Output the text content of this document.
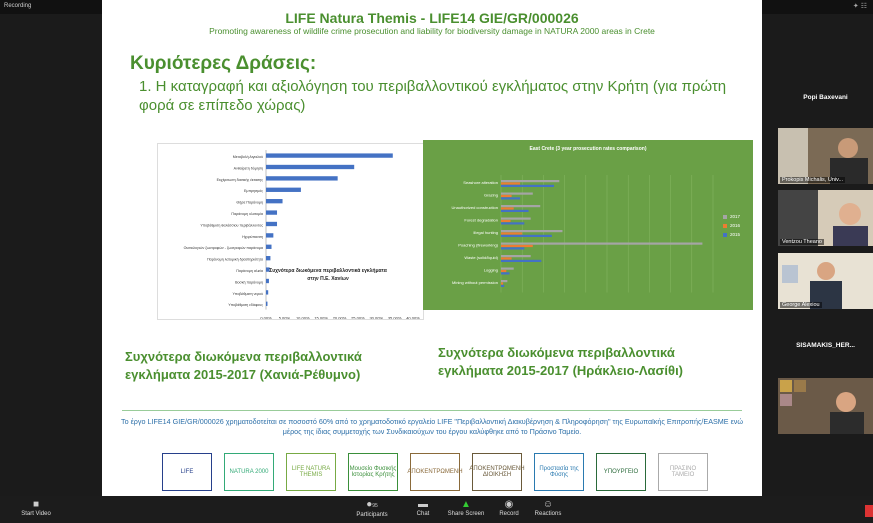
Recording	✦ ☷
LIFE Natura Themis - LIFE14 GIE/GR/000026
Promoting awareness of wildlife crime prosecution and liability for biodiversity damage in NATURA 2000 areas in Crete
Κυριότερες Δράσεις:
1. Η καταγραφή και αξιολόγηση του περιβαλλοντικού εγκλήματος στην Κρήτη (για πρώτη φορά σε επίπεδο χώρας)
Μεταβολή Αιγιαλού
Ανθαίρετη δόμηση
Εκχέρσωση δασικής έκτασης
Εμπρησμός
Θήρα Παράνομη
Παράνομη υλοτομία
Υποβάθμιση θαλάσσιου περιβάλλοντος
Ηχορύπανση
Ουσιολογιών ζωοτροφών - ζωοτροφών παράνομα
Παράνομη λατομική δραστηριότητα
Παράνομη αλιεία
Βοσκή παράνομη
Υποβάθμιση νερού
Υποβάθμιση εδάφους
0,00% 5,00% 10,00% 15,00% 20,00% 25,00% 30,00% 35,00% 40,00%
Συχνότερα διωκόμενα περιβαλλοντικά εγκλήματα
στην Π.Ε. Χανίων
East Crete (3 year prosecution rates comparison)
Seashore alteration
Grazing
Unauthorized construction
Forest degradation
Illegal hunting
Poaching (fireworking)
Waste (solid/liquid)
Logging
Mining without permission
2017
2016
2015
Συχνότερα διωκόμενα περιβαλλοντικά εγκλήματα 2015-2017 (Χανιά-Ρέθυμνο)
Συχνότερα διωκόμενα περιβαλλοντικά εγκλήματα 2015-2017 (Ηράκλειο-Λασίθι)
Το έργο LIFE14 GIE/GR/000026 χρηματοδοτείται σε ποσοστό 60% από το χρηματοδοτικό εργαλείο LIFE "Περιβαλλοντική Διακυβέρνηση & Πληροφόρηση" της Ευρωπαϊκής Επιτροπής/EASME ενώ μέρος της ίδιας συμμετοχής των Συνδικαιούχων του έργου καλύφθηκε από το Πράσινο Ταμείο.
LIFE	NATURA 2000	LIFE NATURA THEMIS
Μουσείο Φυσικής Ιστορίας Κρήτης	ΑΠΟΚΕΝΤΡΩΜΕΝΗ ΑΠΟΚΕΝΤΡΩΜΕΝΗ ΔΙΟΙΚΗΣΗ
Προστασία της Φύσης	ΥΠΟΥΡΓΕΙΟ	ΠΡΑΣΙΝΟ ΤΑΜΕΙΟ
Popi Baxevani
Prokopis Michalis, Univ...
Ventzou Theano
George Alexiou
SISAMAKIS_HER...
■
Start Video
●95
Participants
▬
Chat
▲
Share Screen
◉
Record
☺
Reactions
